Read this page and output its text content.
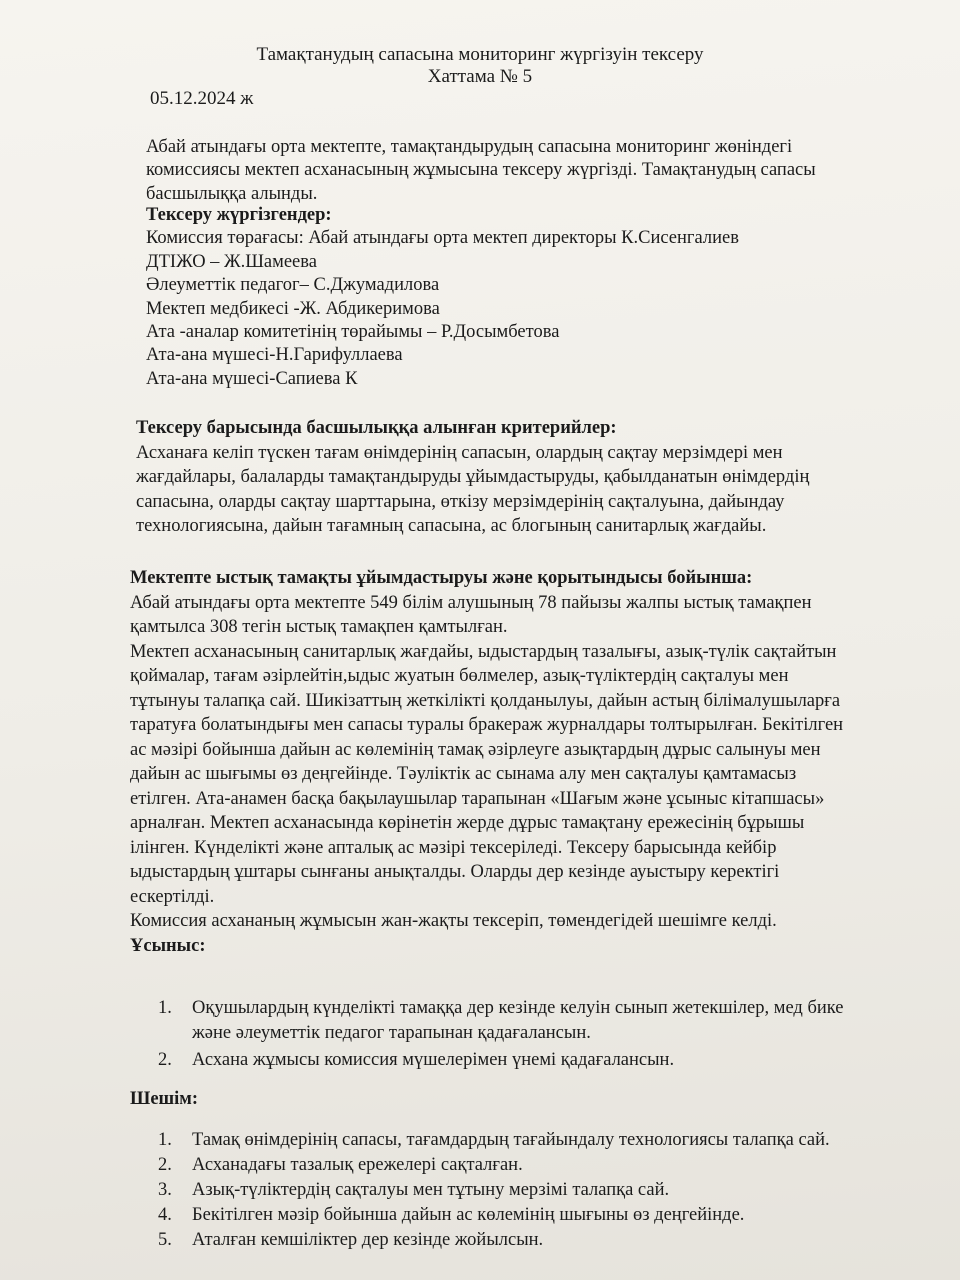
Тамақтанудың сапасына мониторинг жүргізуін тексеру
Хаттама № 5
05.12.2024 ж

Абай атындағы орта мектепте, тамақтандырудың сапасына мониторинг жөніндегі

комиссиясы мектеп асханасының жұмысына тексеру жүргізді. Тамақтанудың сапасы

басшылыққа алынды.

Тексеру жүргізгендер:

Комиссия төрағасы: Абай атындағы орта мектеп директоры К.Сисенгалиев

ДТІЖО – Ж.Шамеева

Әлеуметтік педагог– С.Джумадилова

Мектеп медбикесі -Ж. Абдикеримова

Ата -аналар комитетінің төрайымы – Р.Досымбетова

Ата-ана мүшесі-Н.Гарифуллаева

Ата-ана мүшесі-Сапиева К

Тексеру барысында басшылыққа алынған критерийлер:

Асханаға келіп түскен тағам өнімдерінің сапасын, олардың сақтау мерзімдері мен

жағдайлары, балаларды тамақтандыруды ұйымдастыруды, қабылданатын өнімдердің

сапасына, оларды сақтау шарттарына, өткізу мерзімдерінің сақталуына, дайындау

технологиясына, дайын тағамның сапасына, ас блогының санитарлық жағдайы.

Мектепте ыстық тамақты ұйымдастыруы және қорытындысы бойынша:

Абай атындағы орта мектепте 549 білім алушының 78 пайызы жалпы ыстық тамақпен

қамтылса 308 тегін ыстық тамақпен қамтылған.

Мектеп асханасының санитарлық жағдайы, ыдыстардың тазалығы, азық-түлік сақтайтын

қоймалар, тағам әзірлейтін,ыдыс жуатын бөлмелер, азық-түліктердің сақталуы мен

тұтынуы талапқа сай. Шикізаттың жеткілікті қолданылуы, дайын астың білімалушыларға

таратуға болатындығы мен сапасы туралы бракераж журналдары толтырылған. Бекітілген

ас мәзірі бойынша дайын ас көлемінің тамақ әзірлеуге азықтардың дұрыс салынуы мен

дайын ас шығымы өз деңгейінде. Тәуліктік ас сынама алу мен сақталуы қамтамасыз

етілген. Ата-анамен басқа бақылаушылар тарапынан «Шағым және ұсыныс кітапшасы»

арналған. Мектеп асханасында көрінетін жерде дұрыс тамақтану ережесінің бұрышы

ілінген. Күнделікті және апталық ас мәзірі тексеріледі. Тексеру барысында кейбір

ыдыстардың ұштары сынғаны анықталды. Оларды дер кезінде ауыстыру керектігі

ескертілді.

Комиссия асхананың жұмысын жан-жақты тексеріп, төмендегідей шешімге келді.

Ұсыныс:

1. Оқушылардың күнделікті тамаққа дер кезінде келуін сынып жетекшілер, мед бике
және әлеуметтік педагог тарапынан қадағалансын.
2. Асхана жұмысы комиссия мүшелерімен үнемі қадағалансын.

Шешім:

1. Тамақ өнімдерінің сапасы, тағамдардың тағайындалу технологиясы талапқа сай.
2. Асханадағы тазалық ережелері сақталған.
3. Азық-түліктердің сақталуы мен тұтыну мерзімі талапқа сай.
4. Бекітілген мәзір бойынша дайын ас көлемінің шығыны өз деңгейінде.
5. Аталған кемшіліктер дер кезінде жойылсын.
